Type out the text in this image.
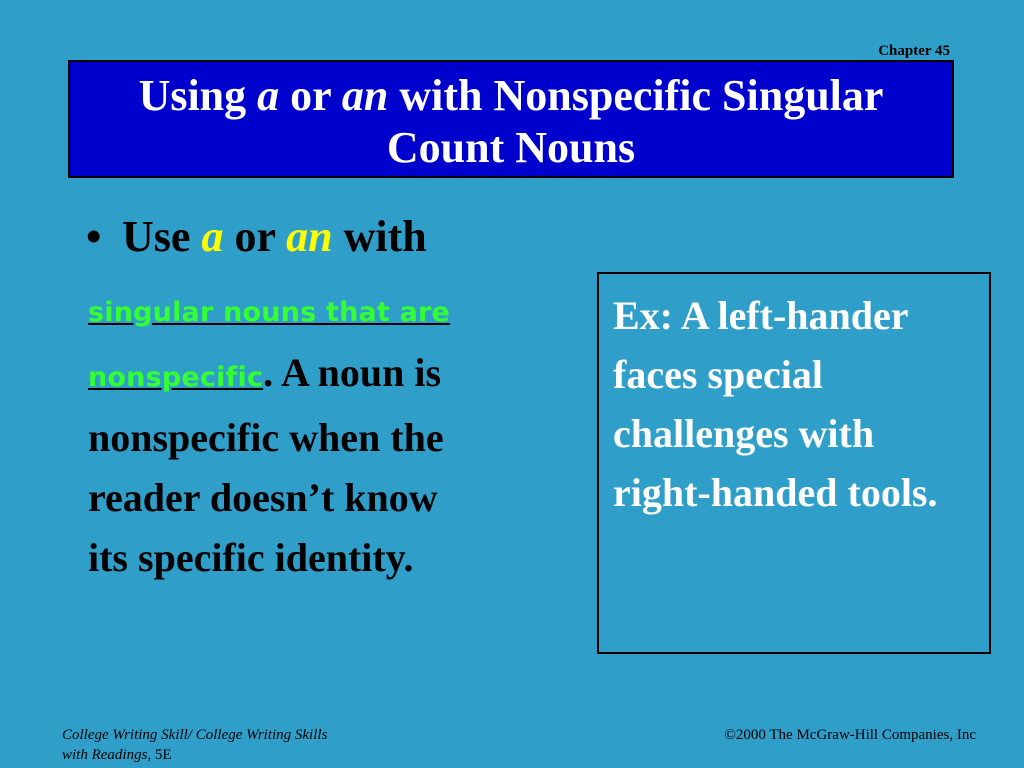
Chapter 45
Using a or an with Nonspecific Singular
Count Nouns
• Use a or an with
singular nouns that are
nonspecific. A noun is
nonspecific when the
reader doesn’t know
its specific identity.
Ex: A left-hander faces special challenges with right-handed tools.
College Writing Skill/ College Writing Skills
with Readings, 5E
©2000 The McGraw-Hill Companies, Inc
